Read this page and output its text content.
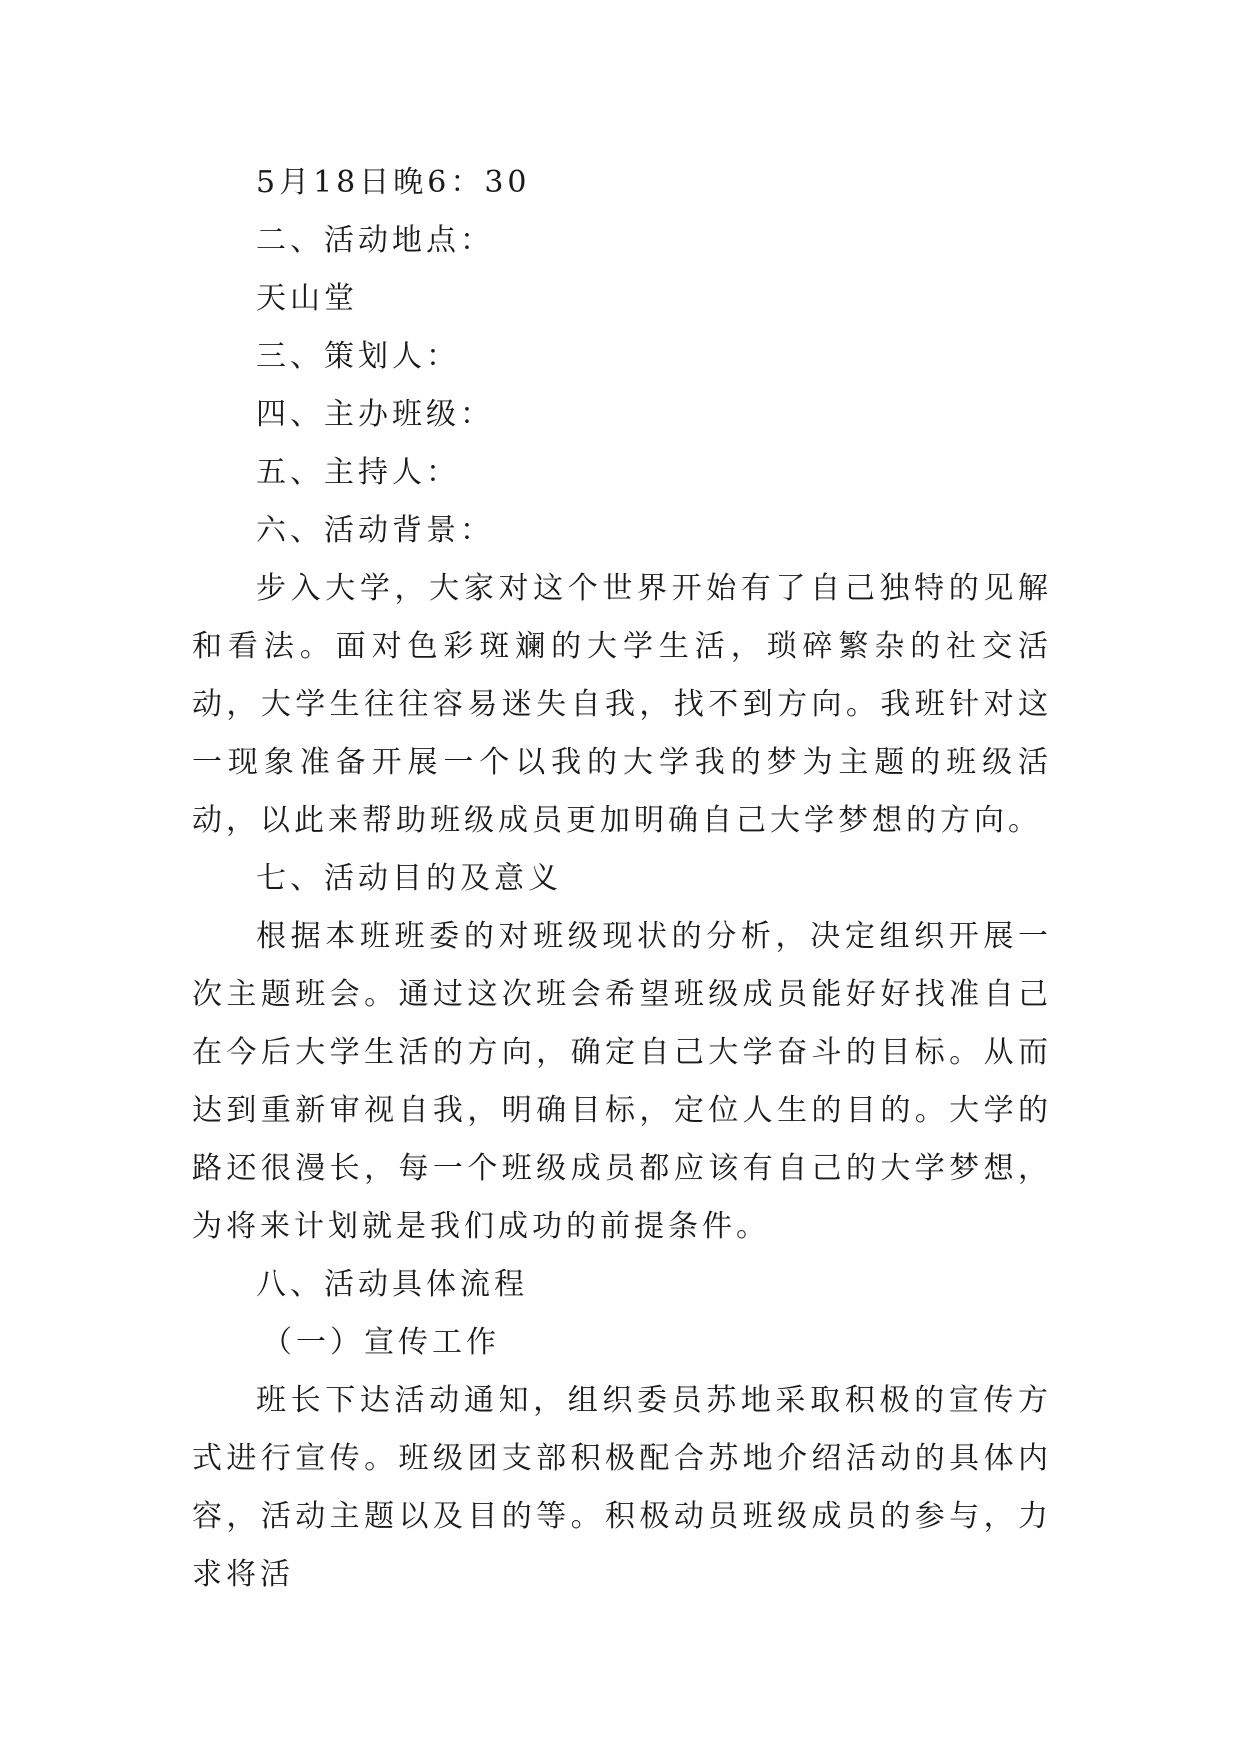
5月18日晚6：30

二、活动地点：

天山堂

三、策划人：

四、主办班级：

五、主持人：

六、活动背景：

步入大学，大家对这个世界开始有了自己独特的见解和看法。面对色彩斑斓的大学生活，琐碎繁杂的社交活动，大学生往往容易迷失自我，找不到方向。我班针对这一现象准备开展一个以我的大学我的梦为主题的班级活动，以此来帮助班级成员更加明确自己大学梦想的方向。

七、活动目的及意义

根据本班班委的对班级现状的分析，决定组织开展一次主题班会。通过这次班会希望班级成员能好好找准自己在今后大学生活的方向，确定自己大学奋斗的目标。从而达到重新审视自我，明确目标，定位人生的目的。大学的路还很漫长，每一个班级成员都应该有自己的大学梦想，为将来计划就是我们成功的前提条件。

八、活动具体流程

（一）宣传工作

班长下达活动通知，组织委员苏地采取积极的宣传方式进行宣传。班级团支部积极配合苏地介绍活动的具体内容，活动主题以及目的等。积极动员班级成员的参与，力求将活
